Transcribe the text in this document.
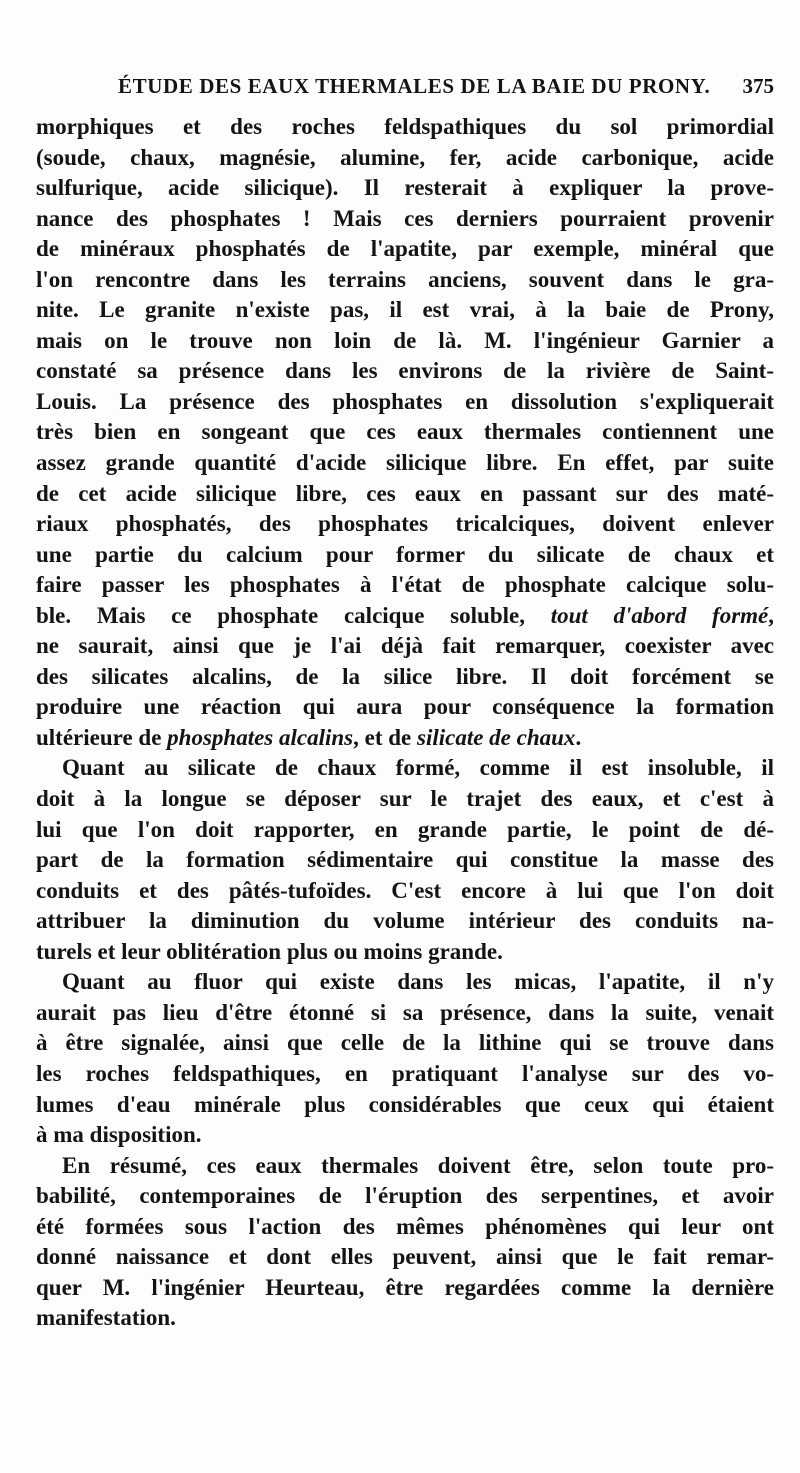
ÉTUDE DES EAUX THERMALES DE LA BAIE DU PRONY. 375
morphiques et des roches feldspathiques du sol primordial
(soude, chaux, magnésie, alumine, fer, acide carbonique, acide
sulfurique, acide silicique). Il resterait à expliquer la prove-
nance des phosphates ! Mais ces derniers pourraient provenir
de minéraux phosphatés de l'apatite, par exemple, minéral que
l'on rencontre dans les terrains anciens, souvent dans le gra-
nite. Le granite n'existe pas, il est vrai, à la baie de Prony,
mais on le trouve non loin de là. M. l'ingénieur Garnier a
constaté sa présence dans les environs de la rivière de Saint-
Louis. La présence des phosphates en dissolution s'expliquerait
très bien en songeant que ces eaux thermales contiennent une
assez grande quantité d'acide silicique libre. En effet, par suite
de cet acide silicique libre, ces eaux en passant sur des maté-
riaux phosphatés, des phosphates tricalciques, doivent enlever
une partie du calcium pour former du silicate de chaux et
faire passer les phosphates à l'état de phosphate calcique solu-
ble. Mais ce phosphate calcique soluble, tout d'abord formé,
ne saurait, ainsi que je l'ai déjà fait remarquer, coexister avec
des silicates alcalins, de la silice libre. Il doit forcément se
produire une réaction qui aura pour conséquence la formation
ultérieure de phosphates alcalins, et de silicate de chaux.
Quant au silicate de chaux formé, comme il est insoluble, il
doit à la longue se déposer sur le trajet des eaux, et c'est à
lui que l'on doit rapporter, en grande partie, le point de dé-
part de la formation sédimentaire qui constitue la masse des
conduits et des pâtés-tufoïdes. C'est encore à lui que l'on doit
attribuer la diminution du volume intérieur des conduits na-
turels et leur oblitération plus ou moins grande.
Quant au fluor qui existe dans les micas, l'apatite, il n'y
aurait pas lieu d'être étonné si sa présence, dans la suite, venait
à être signalée, ainsi que celle de la lithine qui se trouve dans
les roches feldspathiques, en pratiquant l'analyse sur des vo-
lumes d'eau minérale plus considérables que ceux qui étaient
à ma disposition.
En résumé, ces eaux thermales doivent être, selon toute pro-
babilité, contemporaines de l'éruption des serpentines, et avoir
été formées sous l'action des mêmes phénomènes qui leur ont
donné naissance et dont elles peuvent, ainsi que le fait remar-
quer M. l'ingénier Heurteau, être regardées comme la dernière
manifestation.
